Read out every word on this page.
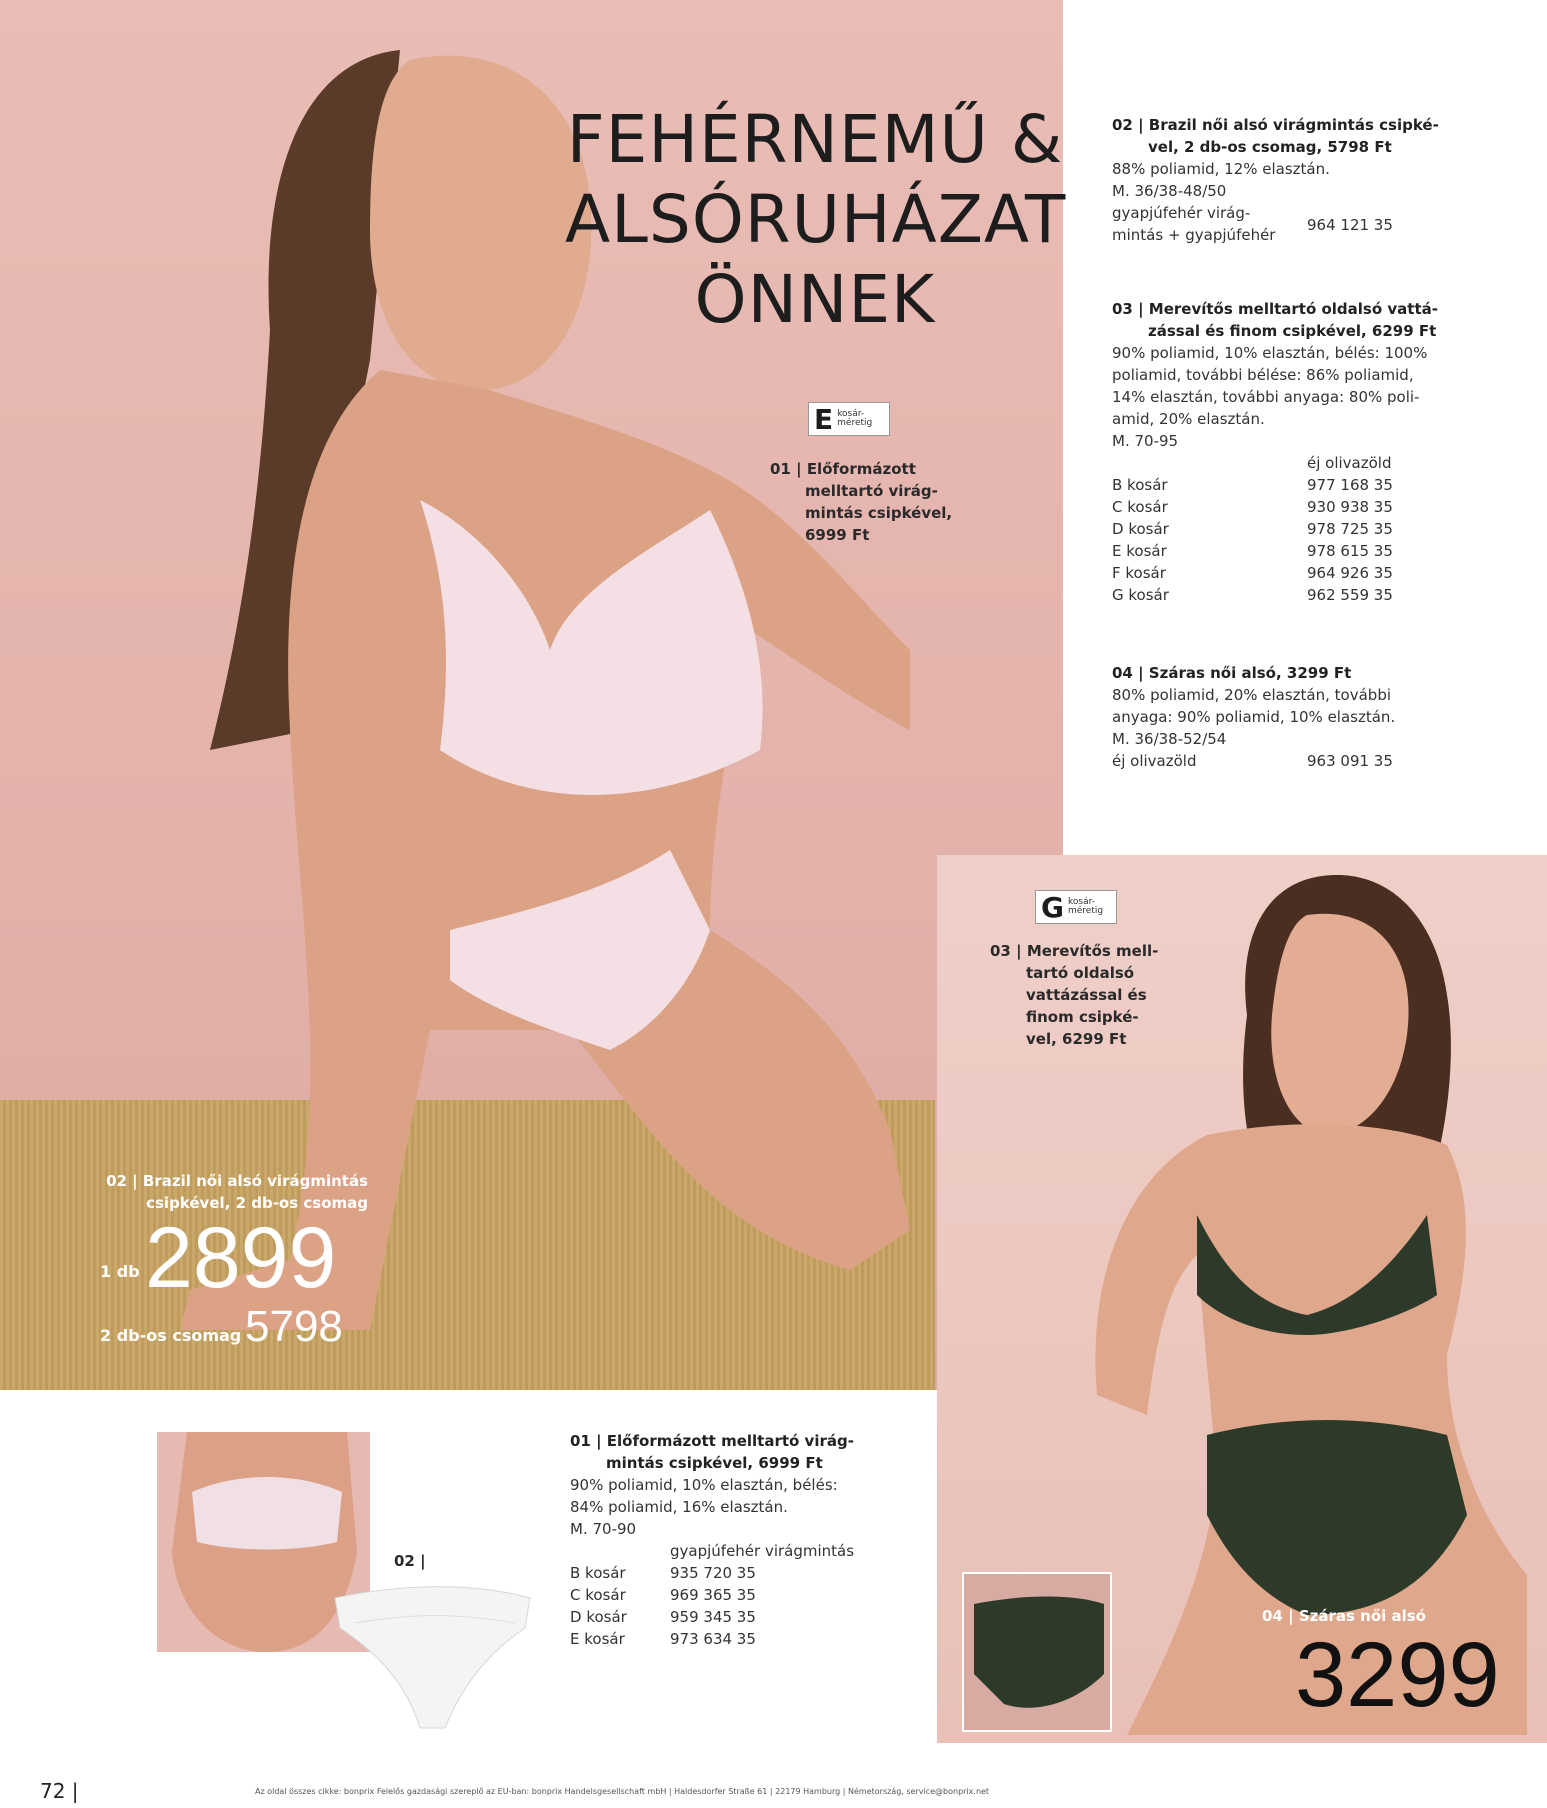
FEHÉRNEMŰ &
ALSÓRUHÁZAT
ÖNNEK
E kosár-méretig
G kosár-méretig
01 | Előformázott
melltartó virág-
mintás csipkével,
6999 Ft
02 | Brazil női alsó virágmintás
csipkével, 2 db-os csomag
1 db 2899
2 db-os csomag 5798
03 | Merevítős mell-
tartó oldalsó
vattázással és
finom csipké-
vel, 6299 Ft
04 | Száras női alsó
3299
02 |
02 | Brazil női alsó virágmintás csipké-
vel, 2 db-os csomag, 5798 Ft
88% poliamid, 12% elasztán.
M. 36/38-48/50
gyapjúfehér virág-
mintás + gyapjúfehér
964 121 35
03 | Merevítős melltartó oldalsó vattá-
zással és finom csipkével, 6299 Ft
90% poliamid, 10% elasztán, bélés: 100%
poliamid, további bélése: 86% poliamid,
14% elasztán, további anyaga: 80% poli-
amid, 20% elasztán.
M. 70-95
éj olivazöld
B kosár	977 168 35
C kosár	930 938 35
D kosár	978 725 35
E kosár	978 615 35
F kosár	964 926 35
G kosár	962 559 35
04 | Száras női alsó, 3299 Ft
80% poliamid, 20% elasztán, további
anyaga: 90% poliamid, 10% elasztán.
M. 36/38-52/54
éj olivazöld	963 091 35
01 | Előformázott melltartó virág-
mintás csipkével, 6999 Ft
90% poliamid, 10% elasztán, bélés:
84% poliamid, 16% elasztán.
M. 70-90
gyapjúfehér virágmintás
B kosár	935 720 35
C kosár	969 365 35
D kosár	959 345 35
E kosár	973 634 35
72 |	Az oldal összes cikke: bonprix Felelős gazdasági szereplő az EU-ban: bonprix Handelsgesellschaft mbH | Haldesdorfer Straße 61 | 22179 Hamburg | Németország, service@bonprix.net
